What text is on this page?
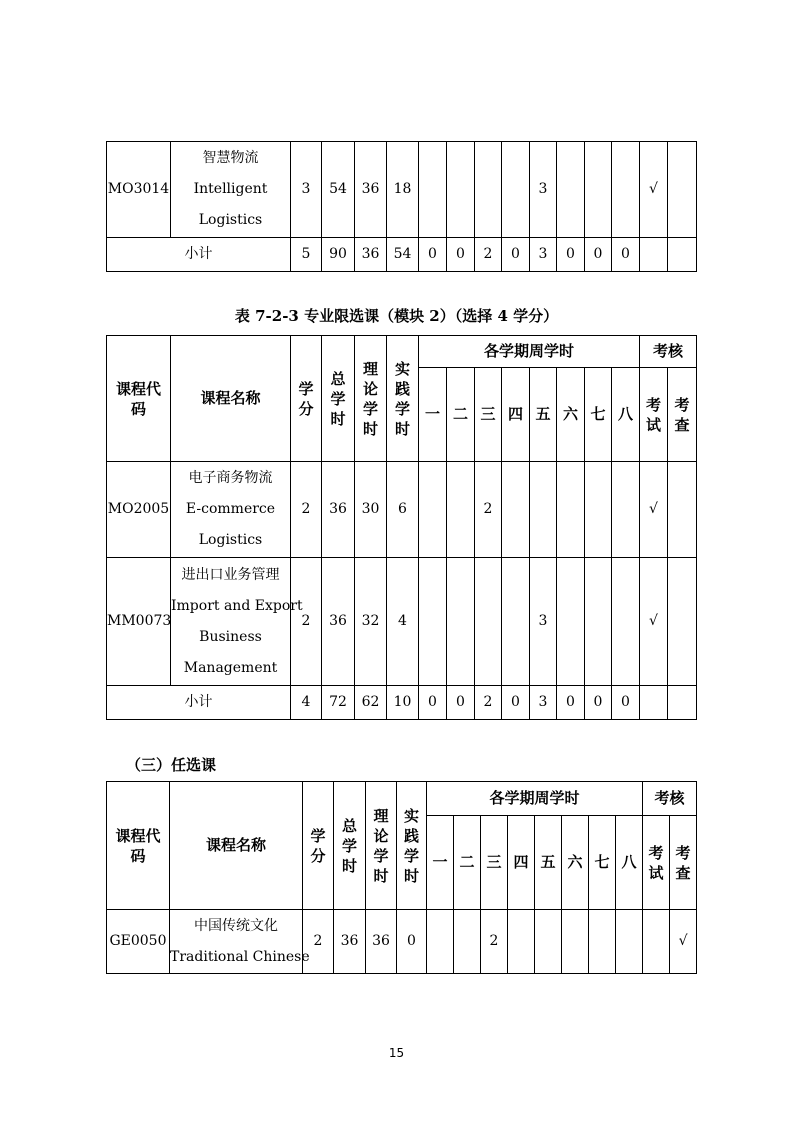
MO3014	智慧物流
Intelligent
Logistics	3	54	36	18					3				√	
小计		5	90	36	54	0	0	2	0	3	0	0	0		
表 7-2-3 专业限选课（模块 2）（选择 4 学分）
课程代
码	课程名称	学
分	总
学
时	理
论
学
时	实
践
学
时	各学期周学时								考核	
						一	二	三	四	五	六	七	八	考
试	考
查

MO2005	电子商务物流
E-commerce
Logistics	2	36	30	6			2						√	
MM0073	进出口业务管理
Import and Export
Business
Management	2	36	32	4					3				√	
小计		4	72	62	10	0	0	2	0	3	0	0	0		
（三）任选课
课程代
码	课程名称	学
分	总
学
时	理
论
学
时	实
践
学
时	各学期周学时								考核	
						一	二	三	四	五	六	七	八	考
试	考
查

GE0050	中国传统文化
Traditional Chinese	2	36	36	0			2							√
15
